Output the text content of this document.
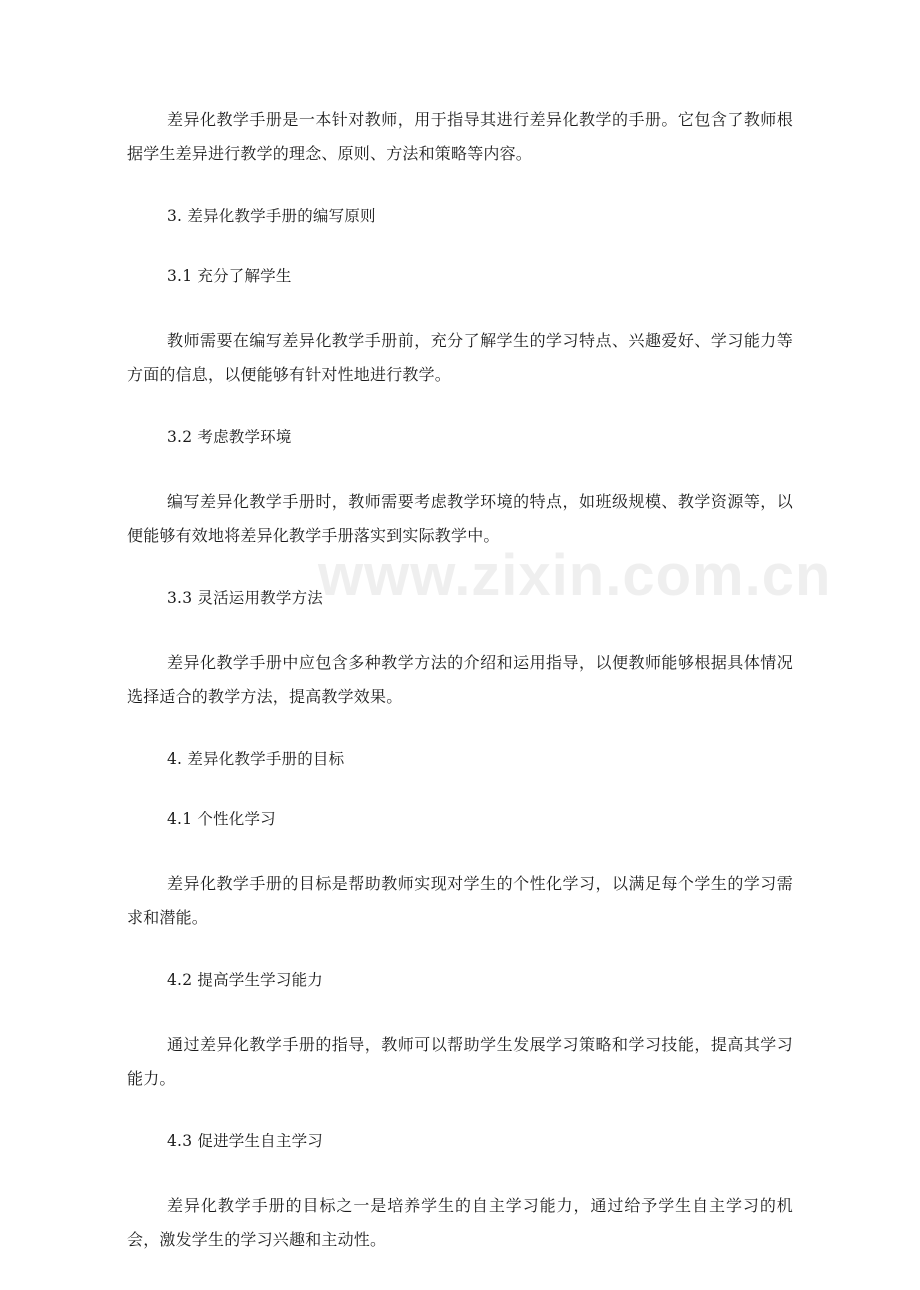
差异化教学手册是一本针对教师，用于指导其进行差异化教学的手册。它包含了教师根据学生差异进行教学的理念、原则、方法和策略等内容。

3. 差异化教学手册的编写原则
3.1 充分了解学生

教师需要在编写差异化教学手册前，充分了解学生的学习特点、兴趣爱好、学习能力等方面的信息，以便能够有针对性地进行教学。

3.2 考虑教学环境

编写差异化教学手册时，教师需要考虑教学环境的特点，如班级规模、教学资源等，以便能够有效地将差异化教学手册落实到实际教学中。

3.3 灵活运用教学方法

差异化教学手册中应包含多种教学方法的介绍和运用指导，以便教师能够根据具体情况选择适合的教学方法，提高教学效果。

4. 差异化教学手册的目标
4.1 个性化学习

差异化教学手册的目标是帮助教师实现对学生的个性化学习，以满足每个学生的学习需求和潜能。

4.2 提高学生学习能力

通过差异化教学手册的指导，教师可以帮助学生发展学习策略和学习技能，提高其学习能力。

4.3 促进学生自主学习

差异化教学手册的目标之一是培养学生的自主学习能力，通过给予学生自主学习的机会，激发学生的学习兴趣和主动性。

www.zixin.com.cn
